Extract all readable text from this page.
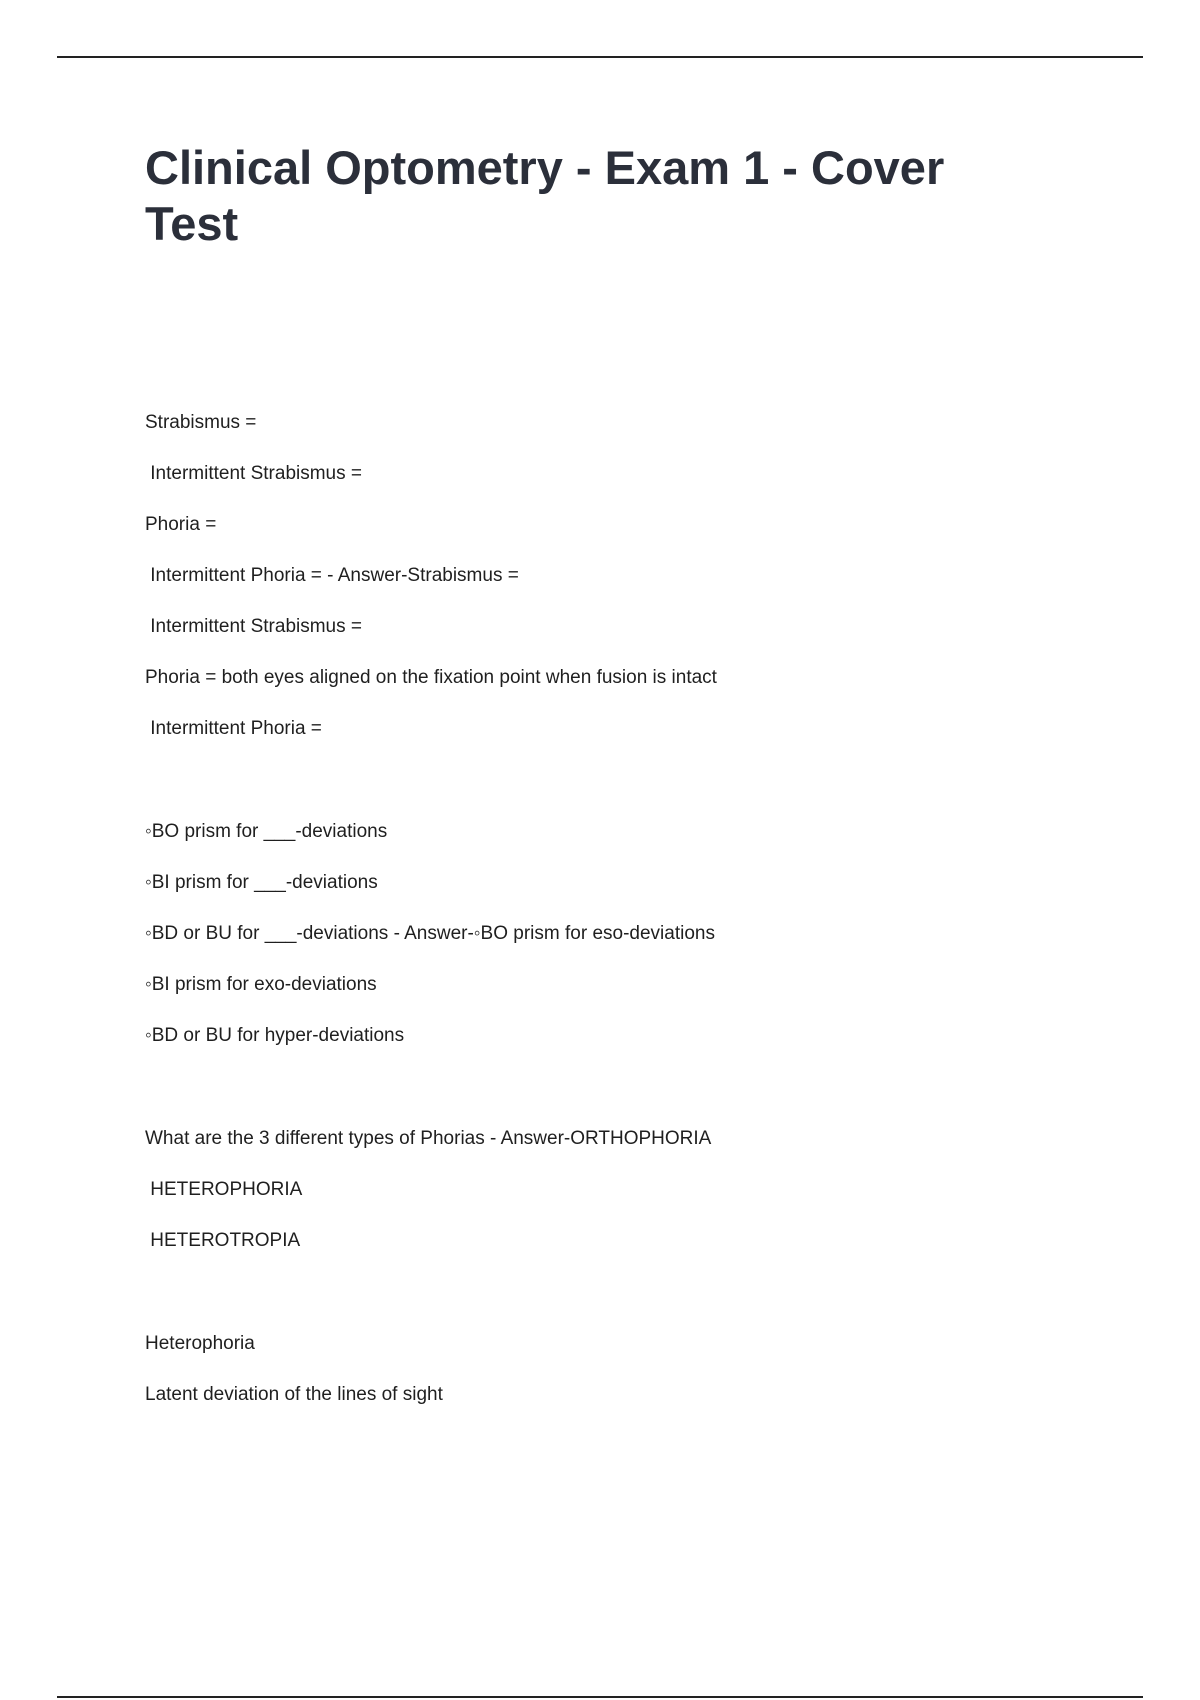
Clinical Optometry - Exam 1 - Cover Test
Strabismus =
Intermittent Strabismus =
Phoria =
Intermittent Phoria = - Answer-Strabismus =
Intermittent Strabismus =
Phoria = both eyes aligned on the fixation point when fusion is intact
Intermittent Phoria =
◦BO prism for ___-deviations
◦BI prism for ___-deviations
◦BD or BU for ___-deviations - Answer-◦BO prism for eso-deviations
◦BI prism for exo-deviations
◦BD or BU for hyper-deviations
What are the 3 different types of Phorias - Answer-ORTHOPHORIA
HETEROPHORIA
HETEROTROPIA
Heterophoria
Latent deviation of the lines of sight
